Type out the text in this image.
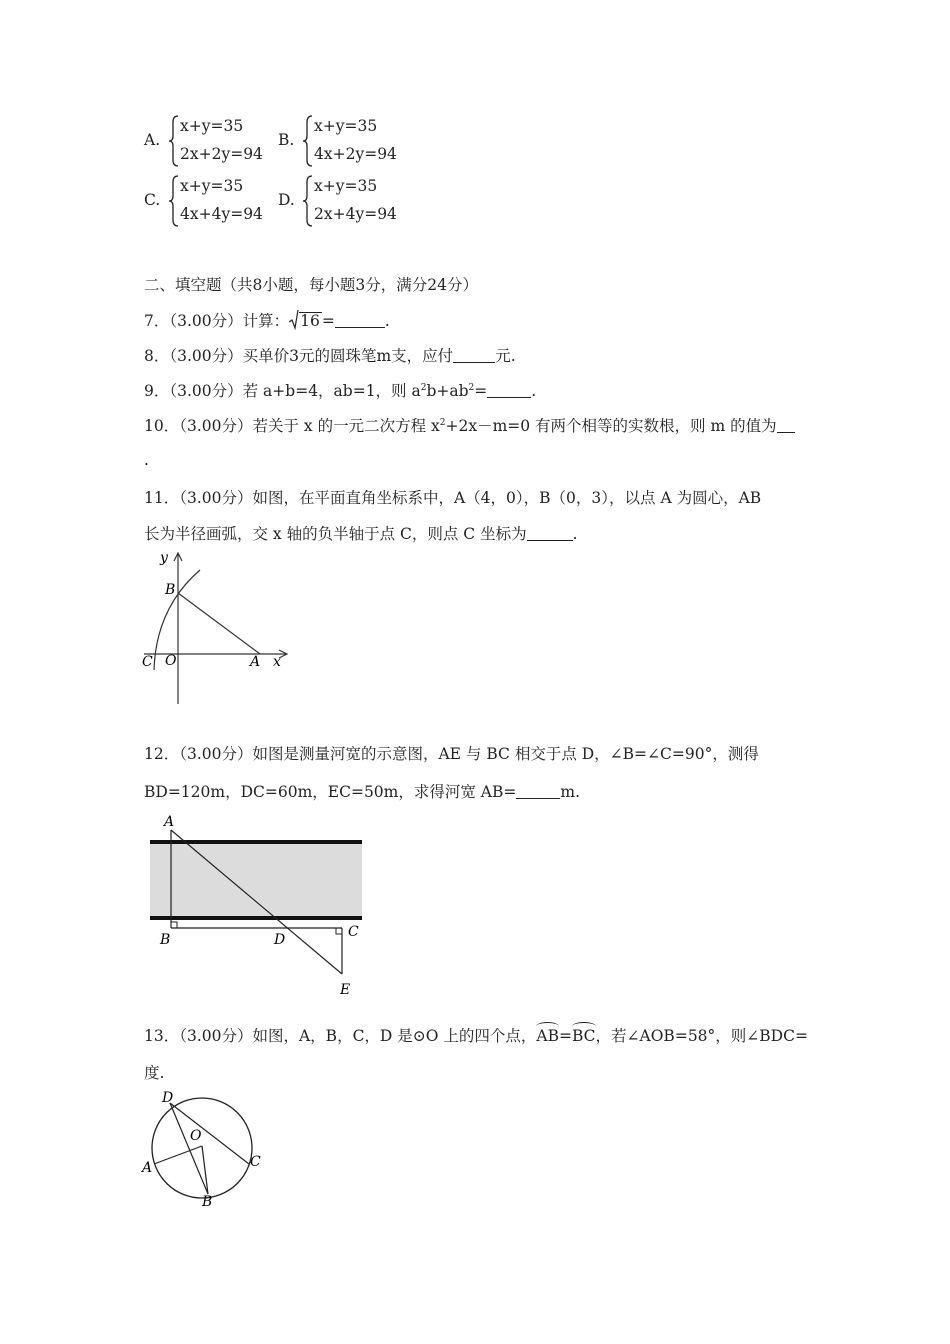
A.
x+y=35
2x+2y=94
B.
x+y=35
4x+2y=94
C.
x+y=35
4x+4y=94
D.
x+y=35
2x+4y=94
二、填空题（共8小题，每小题3分，满分24分）
7．（3.00分）计算： 16 =	.
8．（3.00分）买单价3元的圆珠笔m支，应付	元.
9．（3.00分）若 a+b=4，ab=1，则 $a^2b+ab^2=$	.
10．（3.00分）若关于 x 的一元二次方程 $x^2+2x-m=0$ 有两个相等的实数根，则 m 的值为
.
11．（3.00分）如图，在平面直角坐标系中，A（4，0），B（0，3），以点 A 为圆心，AB
长为半径画弧，交 x 轴的负半轴于点 C，则点 C 坐标为	.
y
B
C O	A x
12．（3.00分）如图是测量河宽的示意图，AE 与 BC 相交于点 D，∠B=∠C=90°，测得
BD=120m，DC=60m，EC=50m，求得河宽 AB=	m.
A
B	D	C
E
13．（3.00分）如图，A，B，C，D 是⊙O 上的四个点，AB=BC，若∠AOB=58°，则∠BDC=
度.
D
O
A	C
B
